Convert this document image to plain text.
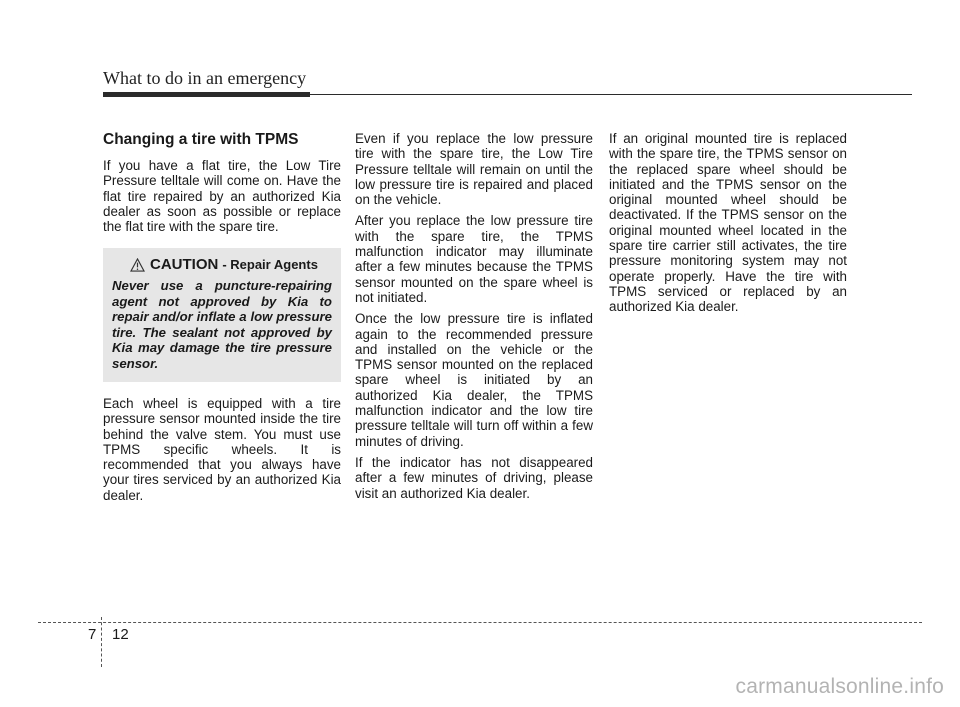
What to do in an emergency
Changing a tire with TPMS

If you have a flat tire, the Low Tire Pressure telltale will come on. Have the flat tire repaired by an authorized Kia dealer as soon as possible or replace the flat tire with the spare tire.

CAUTION - Repair Agents

Never use a puncture-repairing agent not approved by Kia to repair and/or inflate a low pressure tire. The sealant not approved by Kia may damage the tire pressure sensor.

Each wheel is equipped with a tire pressure sensor mounted inside the tire behind the valve stem. You must use TPMS specific wheels. It is recommended that you always have your tires serviced by an authorized Kia dealer.

Even if you replace the low pressure tire with the spare tire, the Low Tire Pressure telltale will remain on until the low pressure tire is repaired and placed on the vehicle.

After you replace the low pressure tire with the spare tire, the TPMS malfunction indicator may illuminate after a few minutes because the TPMS sensor mounted on the spare wheel is not initiated.

Once the low pressure tire is inflated again to the recommended pressure and installed on the vehicle or the TPMS sensor mounted on the replaced spare wheel is initiated by an authorized Kia dealer, the TPMS malfunction indicator and the low tire pressure telltale will turn off within a few minutes of driving.

If the indicator has not disappeared after a few minutes of driving, please visit an authorized Kia dealer.

If an original mounted tire is replaced with the spare tire, the TPMS sensor on the replaced spare wheel should be initiated and the TPMS sensor on the original mounted wheel should be deactivated. If the TPMS sensor on the original mounted wheel located in the spare tire carrier still activates, the tire pressure monitoring system may not operate properly. Have the tire with TPMS serviced or replaced by an authorized Kia dealer.

7 12
carmanualsonline.info
